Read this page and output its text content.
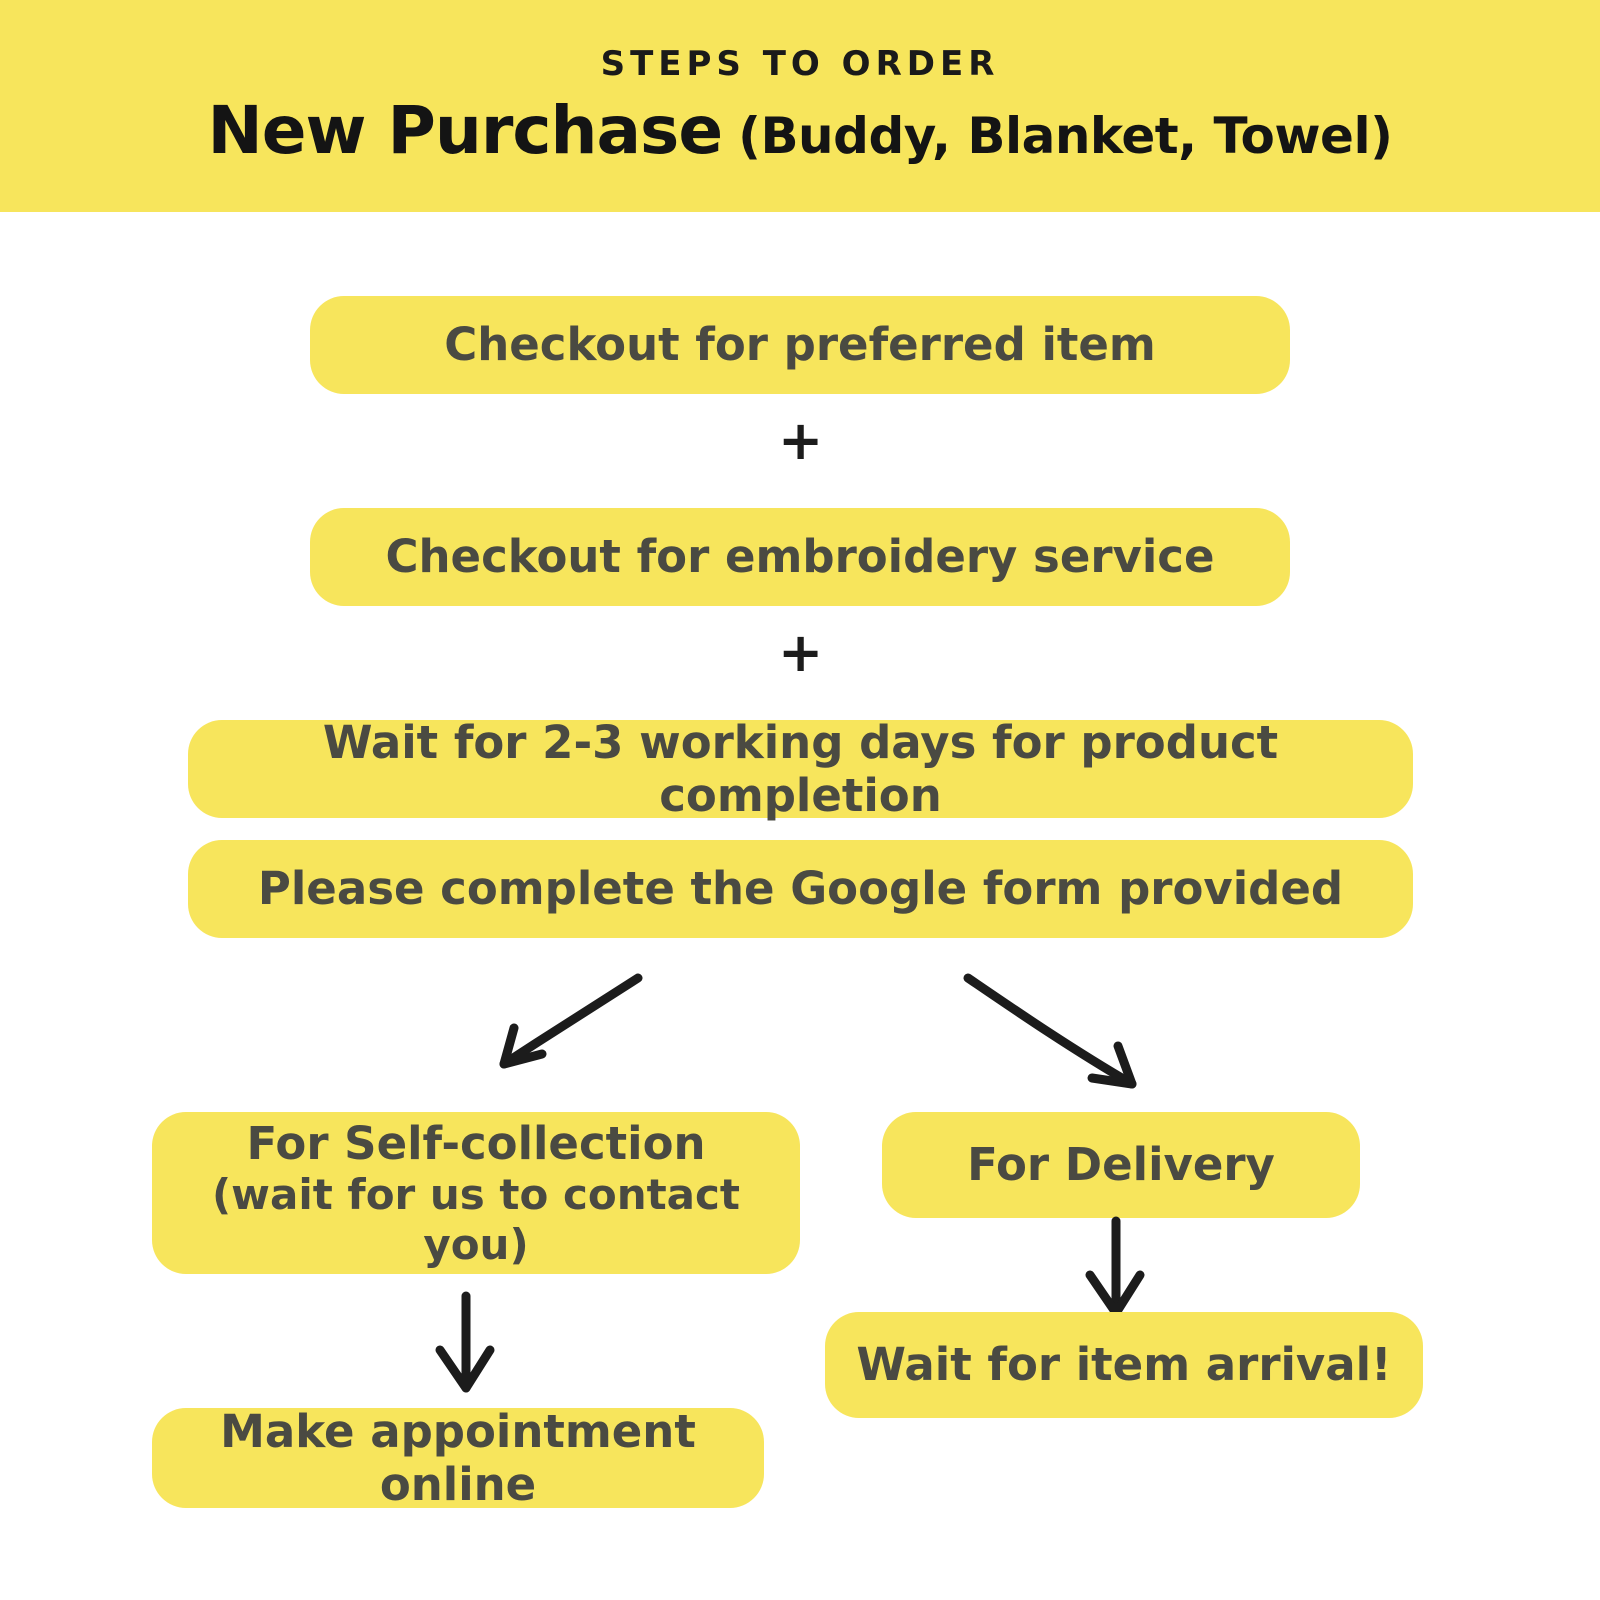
STEPS TO ORDER
New Purchase (Buddy, Blanket, Towel)
Checkout for preferred item
+
Checkout for embroidery service
+
Wait for 2-3 working days for product completion
Please complete the Google form provided
For Self-collection
(wait for us to contact you)
For Delivery
Make appointment online
Wait for item arrival!
